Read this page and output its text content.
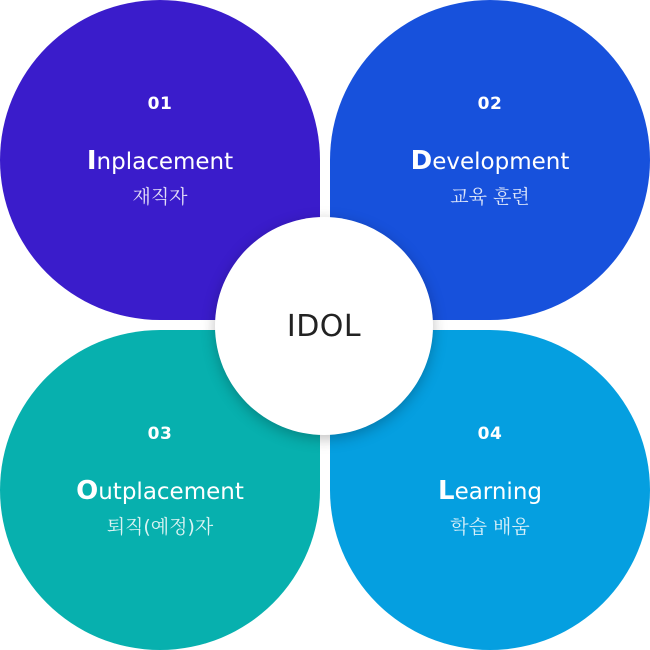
01
Inplacement
재직자
02
Development
교육 훈련
03
Outplacement
퇴직(예정)자
04
Learning
학습 배움
IDOL
